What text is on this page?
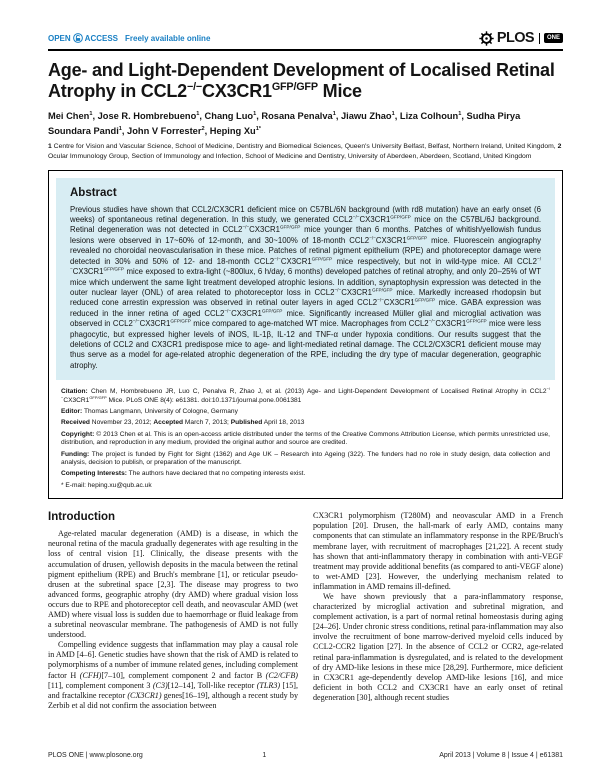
OPEN ACCESS Freely available online	PLOS	ONE
Age- and Light-Dependent Development of Localised Retinal Atrophy in $CCL2^{-/-}CX3CR1^{GFP/GFP}$ Mice

Mei Chen$^1$, Jose R. Hombrebueno$^1$, Chang Luo$^1$, Rosana Penalva$^1$, Jiawu Zhao$^1$, Liza Colhoun$^1$, Sudha Pirya Soundara Pandi$^1$, John V Forrester$^2$, Heping $Xu^{1*}$

1 Centre for Vision and Vascular Science, School of Medicine, Dentistry and Biomedical Sciences, Queen's University Belfast, Belfast, Northern Ireland, United Kingdom, 2 Ocular Immunology Group, Section of Immunology and Infection, School of Medicine and Dentistry, University of Aberdeen, Aberdeen, Scotland, United Kingdom

Abstract

Previous studies have shown that CCL2/CX3CR1 deficient mice on C57BL/6N background (with rd8 mutation) have an early onset (6 weeks) of spontaneous retinal degeneration. In this study, we generated $CCL2^{-/-}CX3CR1^{GFP/GFP}$ mice on the C57BL/6J background. Retinal degeneration was not detected in $CCL2^{-/-}CX3CR1^{GFP/GFP}$ mice younger than 6 months. Patches of whitish/yellowish fundus lesions were observed in 17~60% of 12-month, and 30~100% of 18-month $CCL2^{-/-}CX3CR1^{GFP/GFP}$ mice. Fluorescein angiography revealed no choroidal neovascularisation in these mice. Patches of retinal pigment epithelium (RPE) and photoreceptor damage were detected in 30% and 50% of 12- and 18-month $CCL2^{-/-}CX3CR1^{GFP/GFP}$ mice respectively, but not in wild-type mice. All $CCL2^{-/-}CX3CR1^{GFP/GFP}$ mice exposed to extra-light (~800lux, 6 h/day, 6 months) developed patches of retinal atrophy, and only 20–25% of WT mice which underwent the same light treatment developed atrophic lesions. In addition, synaptophysin expression was detected in the outer nuclear layer (ONL) of area related to photoreceptor loss in $CCL2^{-/-}CX3CR1^{GFP/GFP}$ mice. Markedly increased rhodopsin but reduced cone arrestin expression was observed in retinal outer layers in aged $CCL2^{-/-}CX3CR1^{GFP/GFP}$ mice. GABA expression was reduced in the inner retina of aged $CCL2^{-/-}CX3CR1^{GFP/GFP}$ mice. Significantly increased Müller glial and microglial activation was observed in $CCL2^{-/-}CX3CR1^{GFP/GFP}$ mice compared to age-matched WT mice. Macrophages from $CCL2^{-/-}CX3CR1^{GFP/GFP}$ mice were less phagocytic, but expressed higher levels of iNOS, IL-1β, IL-12 and TNF-α under hypoxia conditions. Our results suggest that the deletions of CCL2 and CX3CR1 predispose mice to age- and light-mediated retinal damage. The CCL2/CX3CR1 deficient mouse may thus serve as a model for age-related atrophic degeneration of the RPE, including the dry type of macular degeneration, geographic atrophy.

Citation: Chen M, Hombrebueno JR, Luo C, Penalva R, Zhao J, et al. (2013) Age- and Light-Dependent Development of Localised Retinal Atrophy in $CCL2^{-/-}CX3CR1^{GFP/GFP}$ Mice. PLoS ONE 8(4): e61381. doi:10.1371/journal.pone.0061381

Editor: Thomas Langmann, University of Cologne, Germany

Received November 23, 2012; Accepted March 7, 2013; Published April 18, 2013

Copyright: © 2013 Chen et al. This is an open-access article distributed under the terms of the Creative Commons Attribution License, which permits unrestricted use, distribution, and reproduction in any medium, provided the original author and source are credited.

Funding: The project is funded by Fight for Sight (1362) and Age UK – Research into Ageing (322). The funders had no role in study design, data collection and analysis, decision to publish, or preparation of the manuscript.

Competing Interests: The authors have declared that no competing interests exist.

* E-mail: heping.xu@qub.ac.uk

Introduction

Age-related macular degeneration (AMD) is a disease, in which the neuronal retina of the macula gradually degenerates with age resulting in the loss of central vision [1]. Clinically, the disease presents with the accumulation of drusen, yellowish deposits in the macula between the retinal pigment epithelium (RPE) and Bruch's membrane [1], or reticular pseudo-drusen at the subretinal space [2,3]. The disease may progress to two advanced forms, geographic atrophy (dry AMD) where gradual vision loss occurs due to RPE and photoreceptor cell death, and neovascular AMD (wet AMD) where visual loss is sudden due to haemorrhage or fluid leakage from a subretinal neovascular membrane. The pathogenesis of AMD is not fully understood.

Compelling evidence suggests that inflammation may play a causal role in AMD [4–6]. Genetic studies have shown that the risk of AMD is related to polymorphisms of a number of immune related genes, including complement factor H (CFH)[7–10], complement component 2 and factor B (C2/CFB) [11], complement component 3 (C3)[12–14], Toll-like receptor (TLR3) [15], and fractalkine receptor (CX3CR1) genes[16–19], although a recent study by Zerbib et al did not confirm the association between

CX3CR1 polymorphism (T280M) and neovascular AMD in a French population [20]. Drusen, the hall-mark of early AMD, contains many components that can stimulate an inflammatory response in the RPE/Bruch's membrane layer, with recruitment of macrophages [21,22]. A recent study has shown that anti-inflammatory therapy in combination with anti-VEGF treatment may provide additional benefits (as compared to anti-VEGF alone) to wet-AMD [23]. However, the underlying mechanism related to inflammation in AMD remains ill-defined.

We have shown previously that a para-inflammatory response, characterized by microglial activation and subretinal migration, and complement activation, is a part of normal retinal homeostasis during aging [24–26]. Under chronic stress conditions, retinal para-inflammation may also involve the recruitment of bone marrow-derived myeloid cells induced by CCL2-CCR2 ligation [27]. In the absence of CCL2 or CCR2, age-related retinal para-inflammation is dysregulated, and is related to the development of dry AMD-like lesions in these mice [28,29]. Furthermore, mice deficient in CX3CR1 age-dependently develop AMD-like lesions [16], and mice deficient in both CCL2 and CX3CR1 have an early onset of retinal degeneration [30], although recent studies

PLOS ONE | www.plosone.org	1	April 2013 | Volume 8 | Issue 4 | e61381
